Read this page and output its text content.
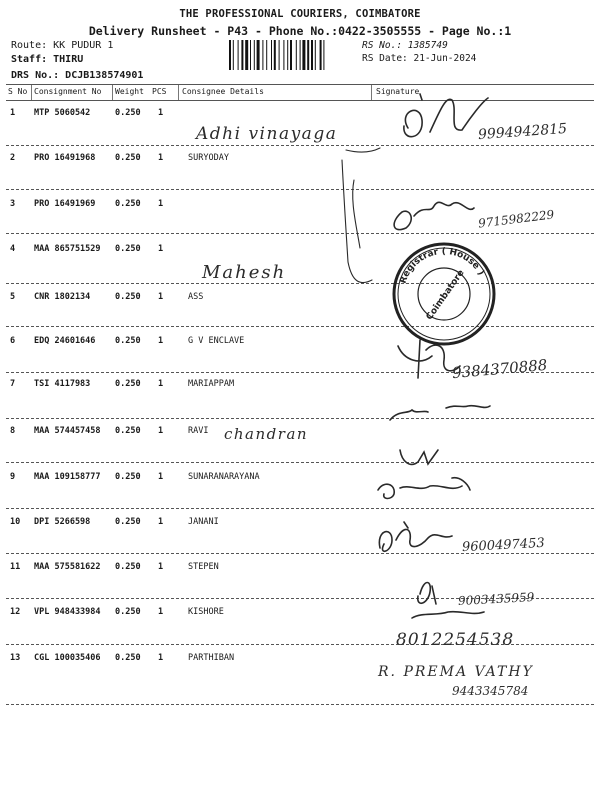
THE PROFESSIONAL COURIERS, COIMBATORE
Delivery Runsheet - P43 - Phone No.:0422-3505555 - Page No.:1
Route: KK PUDUR 1
Staff: THIRU
DRS No.: DCJB138574901
RS No.: 1385749
RS Date: 21-Jun-2024
S No Consignment No Weight PCS Consignee Details	Signature
1 MTP 5060542	0.250 1
2 PRO 16491968 0.250 1	SURYODAY
3 PRO 16491969 0.250 1
4 MAA 865751529 0.250 1
5 CNR 1802134	0.250 1	ASS
6 EDQ 24601646 0.250 1	G V ENCLAVE
7 TSI 4117983	0.250 1	MARIAPPAM
8 MAA 574457458 0.250 1	RAVI
9 MAA 109158777 0.250 1	SUNARANARAYANA
10 DPI 5266598	0.250 1	JANANI
11 MAA 575581622 0.250 1	STEPEN
12 VPL 948433984 0.250 1	KISHORE
13 CGL 100035406 0.250 1	PARTHIBAN
Adhi vinayaga
Mahesh
chandran
9994942815
9715982229
9384370888
9600497453
9003435959
8012254538
R. PREMA VATHY
9443345784
Registrar ( House )
Coimbatore
